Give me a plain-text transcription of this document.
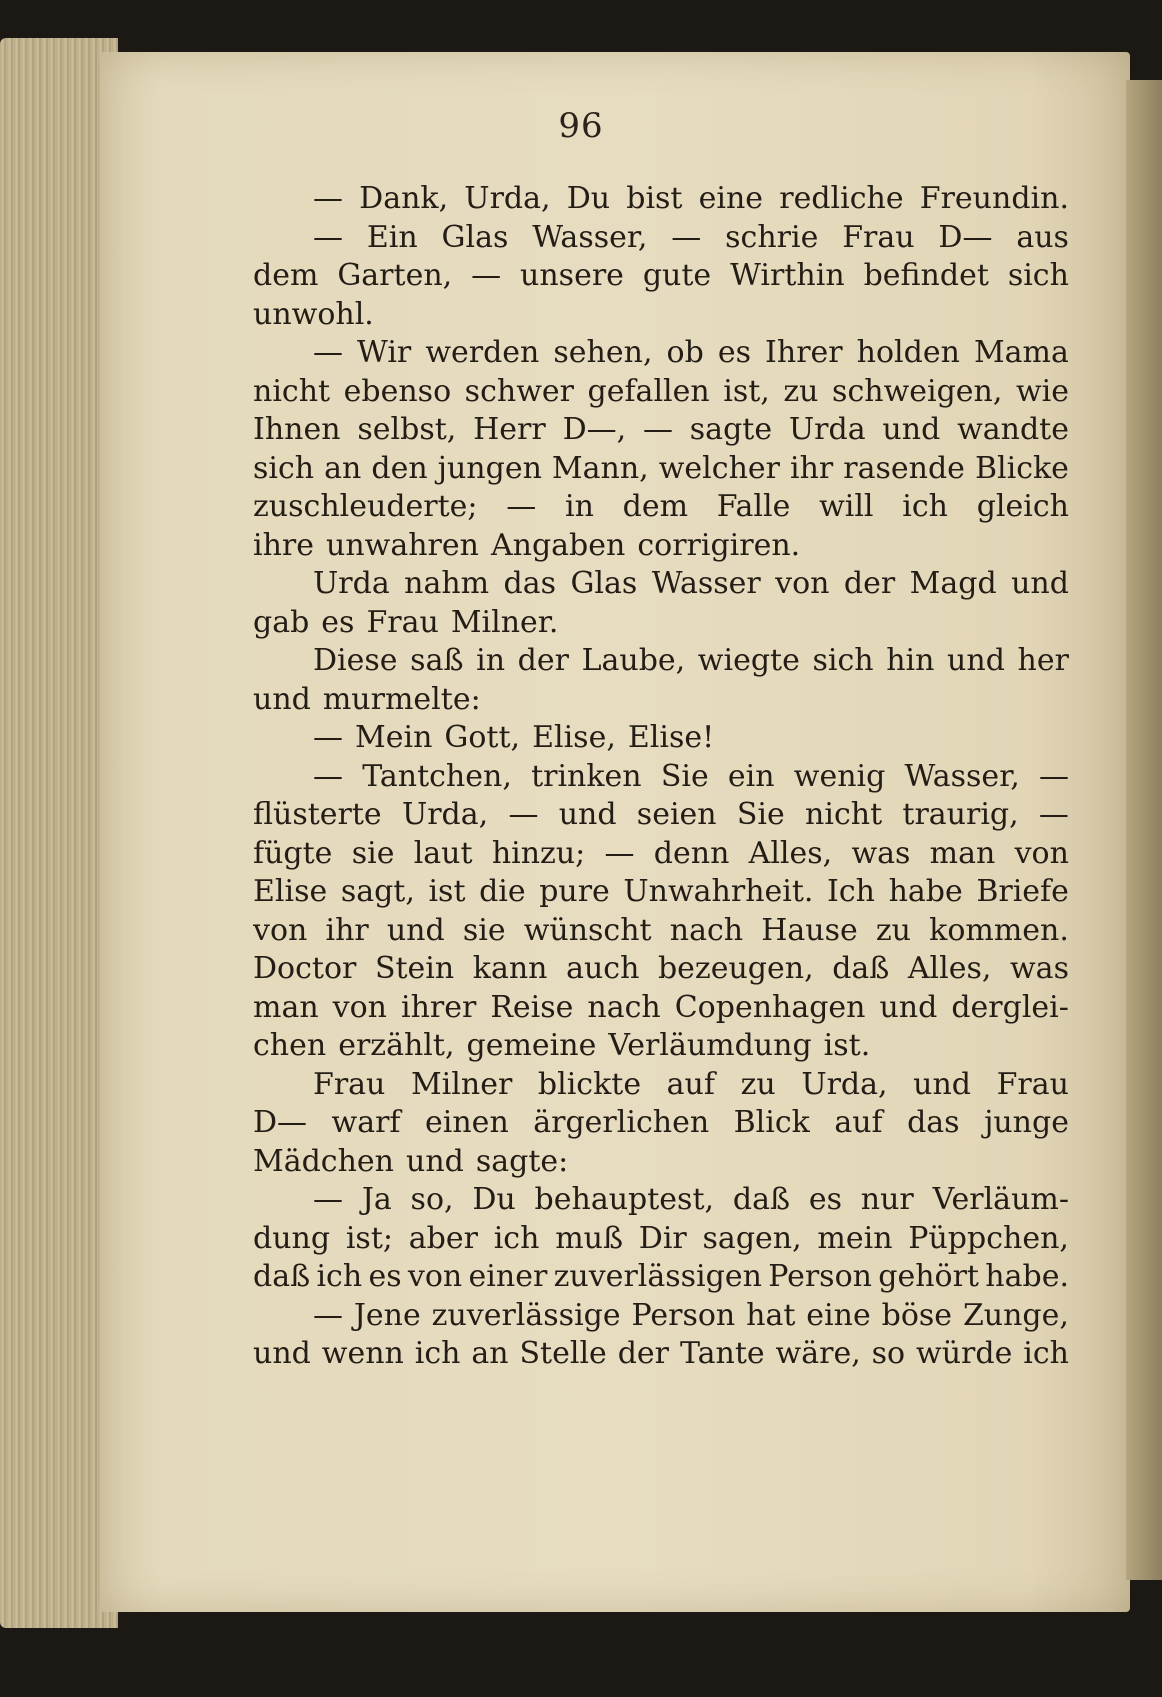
96
— Dank, Urda, Du bist eine redliche Freundin.
— Ein Glas Wasser, — schrie Frau D— aus
dem Garten, — unsere gute Wirthin befindet sich
unwohl.
— Wir werden sehen, ob es Ihrer holden Mama
nicht ebenso schwer gefallen ist, zu schweigen, wie
Ihnen selbst, Herr D—, — sagte Urda und wandte
sich an den jungen Mann, welcher ihr rasende Blicke
zuschleuderte; — in dem Falle will ich gleich
ihre unwahren Angaben corrigiren.
Urda nahm das Glas Wasser von der Magd und
gab es Frau Milner.
Diese saß in der Laube, wiegte sich hin und her
und murmelte:
— Mein Gott, Elise, Elise!
— Tantchen, trinken Sie ein wenig Wasser, —
flüsterte Urda, — und seien Sie nicht traurig, —
fügte sie laut hinzu; — denn Alles, was man von
Elise sagt, ist die pure Unwahrheit. Ich habe Briefe
von ihr und sie wünscht nach Hause zu kommen.
Doctor Stein kann auch bezeugen, daß Alles, was
man von ihrer Reise nach Copenhagen und derglei-
chen erzählt, gemeine Verläumdung ist.
Frau Milner blickte auf zu Urda, und Frau
D— warf einen ärgerlichen Blick auf das junge
Mädchen und sagte:
— Ja so, Du behauptest, daß es nur Verläum-
dung ist; aber ich muß Dir sagen, mein Püppchen,
daß ich es von einer zuverlässigen Person gehört habe.
— Jene zuverlässige Person hat eine böse Zunge,
und wenn ich an Stelle der Tante wäre, so würde ich
